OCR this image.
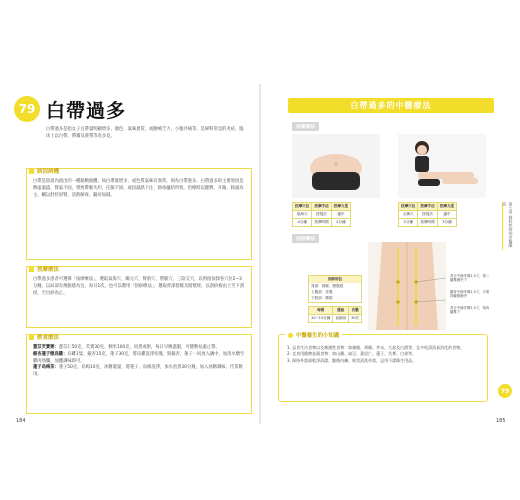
79 白帶過多
白帶過多是指女子白帶量明顯增多，顏色、氣味異常，或腰痠乏力，小腹冷痛等，是婦科常見的炎症，臨床上以白帶、帶濁及黃帶等為多見。
病因病機
白帶是陰道內流出的一種黏稠液體。如白帶量增多，或色質氣味有異常，則為白帶過多。白帶過多的主要原因是脾虛濕盛、腎氣不固，導致帶脈失約、任脈不固，或因濕熱下注、熱毒蘊結所致。治療時以健脾、升陽、除濕為主，輔以舒肝固腎，清熱解毒，隨症加減。
按摩療法
白帶過多患者可選擇「按摩療法」，選取氣海穴、關元穴、腎俞穴、帶脈穴、三陰交穴，以拇指按揉各穴位2~3分鐘，以局部有痠脹感為宜，每日1次。也可以選用「刮痧療法」，選取背部督脈及膀胱經，以刮痧板由上至下刮拭，至出痧為止。
飲食療法

薏苡芡實粥：薏苡仁50克、芡實30克、粳米100克，同煮成粥，每日早晚溫服，可健脾祛濕止帶。

銀杏蓮子燉烏雞：烏雞1隻、銀杏15克、蓮子30克，將烏雞洗淨切塊，與銀杏、蓮子一同放入鍋中，加清水燉至雞肉熟爛，加鹽調味即可。

蓮子烏梅茶：蓮子50克、烏梅10克、冰糖適量，將蓮子、烏梅洗淨，加水煎煮30分鐘，加入冰糖調味，代茶飲用。

184
白帶過多的中醫療法
按摩療法
按摩穴位	按摩手法	按摩力度
氣海穴	按揉法	適中
4分鐘	按摩時間	2分鐘
按摩穴位	按摩手法	按摩力度
太衝穴	按揉法	適中
2分鐘	按摩時間	3分鐘
刮痧療法
刮痧部位
背部：督脈、膀胱經
上腹部：任脈
下肢部：脾經
時間	運板	次數
10~15分鐘	直線刮	30次
背正中線旁開1.5寸，第二腰椎棘突下
腰背中線旁開1.5寸，平第四腰椎棘突
背正中線旁開1.5寸，第四腰椎下
第七章 婦科疾病的中醫療法
中醫養生的小知識
1. 忌食生冷食物以及刺激性食物：如辣椒、胡椒、芥末、大蒜及白酒等，宜多吃清淡易消化的食物。
2. 宜食用健脾祛濕食物：如山藥、扁豆、薏苡仁、蓮子、芡實、白果等。
3. 保持外陰部乾淨清潔，勤換內褲，經常清洗外陰，忌用不潔衛生用品。
79
185
